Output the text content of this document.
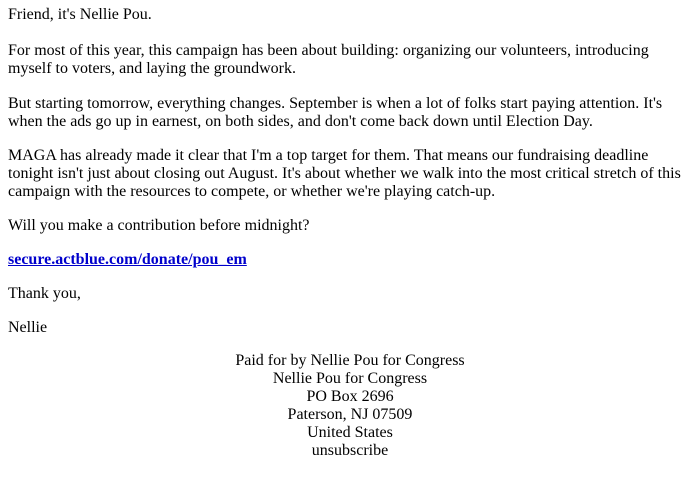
Friend, it's Nellie Pou.

For most of this year, this campaign has been about building: organizing our volunteers, introducing myself to voters, and laying the groundwork.

But starting tomorrow, everything changes. September is when a lot of folks start paying attention. It's when the ads go up in earnest, on both sides, and don't come back down until Election Day.

MAGA has already made it clear that I'm a top target for them. That means our fundraising deadline tonight isn't just about closing out August. It's about whether we walk into the most critical stretch of this campaign with the resources to compete, or whether we're playing catch-up.

Will you make a contribution before midnight?

secure.actblue.com/donate/pou_em

Thank you,

Nellie

Paid for by Nellie Pou for Congress
Nellie Pou for Congress
PO Box 2696
Paterson, NJ 07509
United States
unsubscribe
